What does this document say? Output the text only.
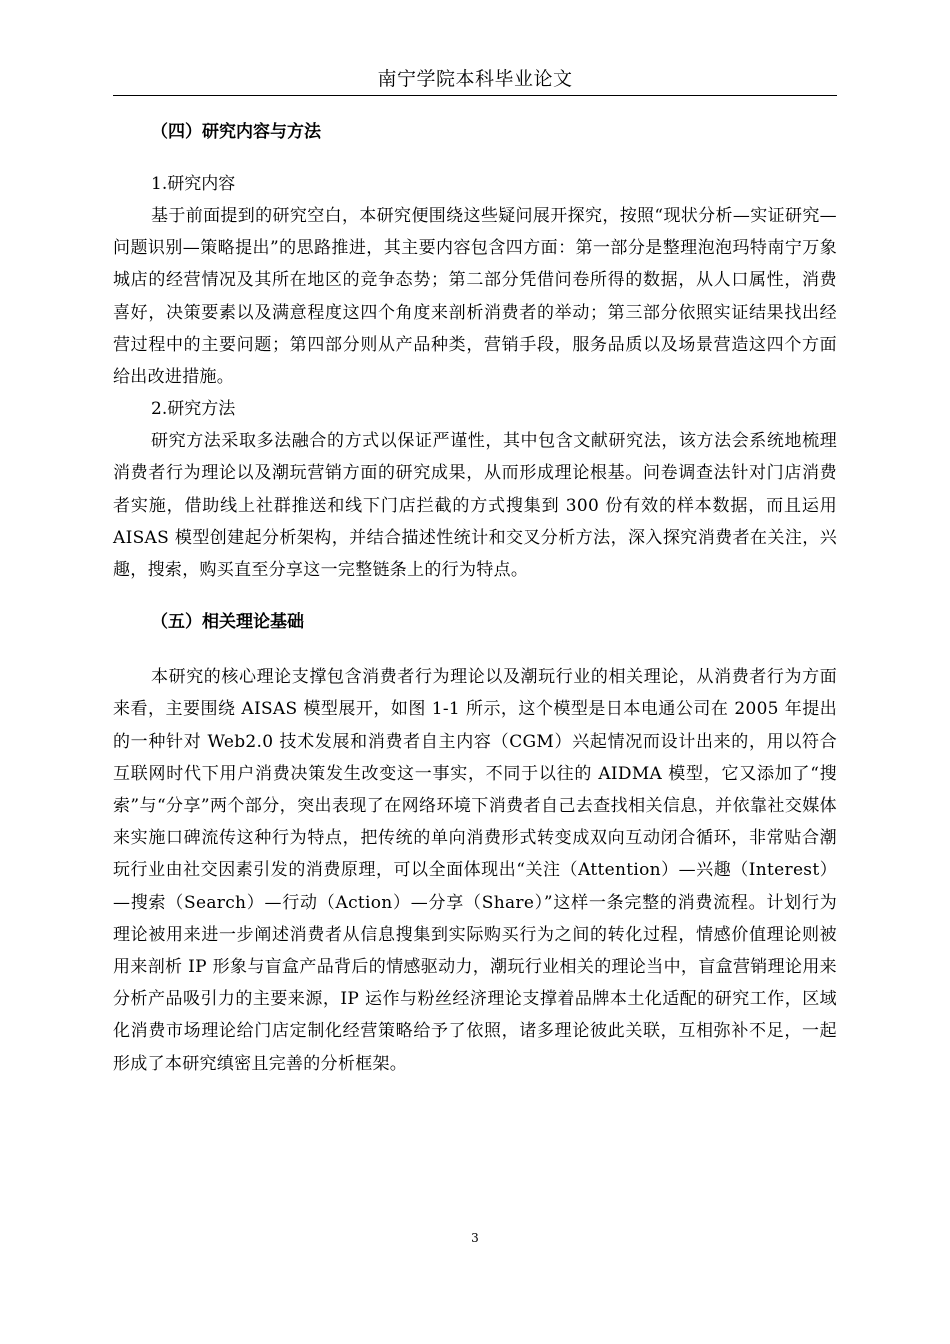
南宁学院本科毕业论文
（四）研究内容与方法

1.研究内容

基于前面提到的研究空白，本研究便围绕这些疑问展开探究，按照“现状分析—实证研究—问题识别—策略提出”的思路推进，其主要内容包含四方面：第一部分是整理泡泡玛特南宁万象城店的经营情况及其所在地区的竞争态势；第二部分凭借问卷所得的数据，从人口属性，消费喜好，决策要素以及满意程度这四个角度来剖析消费者的举动；第三部分依照实证结果找出经营过程中的主要问题；第四部分则从产品种类，营销手段，服务品质以及场景营造这四个方面给出改进措施。

2.研究方法

研究方法采取多法融合的方式以保证严谨性，其中包含文献研究法，该方法会系统地梳理消费者行为理论以及潮玩营销方面的研究成果，从而形成理论根基。问卷调查法针对门店消费者实施，借助线上社群推送和线下门店拦截的方式搜集到 300 份有效的样本数据，而且运用 AISAS 模型创建起分析架构，并结合描述性统计和交叉分析方法，深入探究消费者在关注，兴趣，搜索，购买直至分享这一完整链条上的行为特点。

（五）相关理论基础

本研究的核心理论支撑包含消费者行为理论以及潮玩行业的相关理论，从消费者行为方面来看，主要围绕 AISAS 模型展开，如图 1-1 所示，这个模型是日本电通公司在 2005 年提出的一种针对 Web2.0 技术发展和消费者自主内容（CGM）兴起情况而设计出来的，用以符合互联网时代下用户消费决策发生改变这一事实，不同于以往的 AIDMA 模型，它又添加了“搜索”与“分享”两个部分，突出表现了在网络环境下消费者自己去查找相关信息，并依靠社交媒体来实施口碑流传这种行为特点，把传统的单向消费形式转变成双向互动闭合循环，非常贴合潮玩行业由社交因素引发的消费原理，可以全面体现出“关注（Attention）—兴趣（Interest）—搜索（Search）—行动（Action）—分享（Share）”这样一条完整的消费流程。计划行为理论被用来进一步阐述消费者从信息搜集到实际购买行为之间的转化过程，情感价值理论则被用来剖析 IP 形象与盲盒产品背后的情感驱动力，潮玩行业相关的理论当中，盲盒营销理论用来分析产品吸引力的主要来源，IP 运作与粉丝经济理论支撑着品牌本土化适配的研究工作，区域化消费市场理论给门店定制化经营策略给予了依照，诸多理论彼此关联，互相弥补不足，一起形成了本研究缜密且完善的分析框架。

3
